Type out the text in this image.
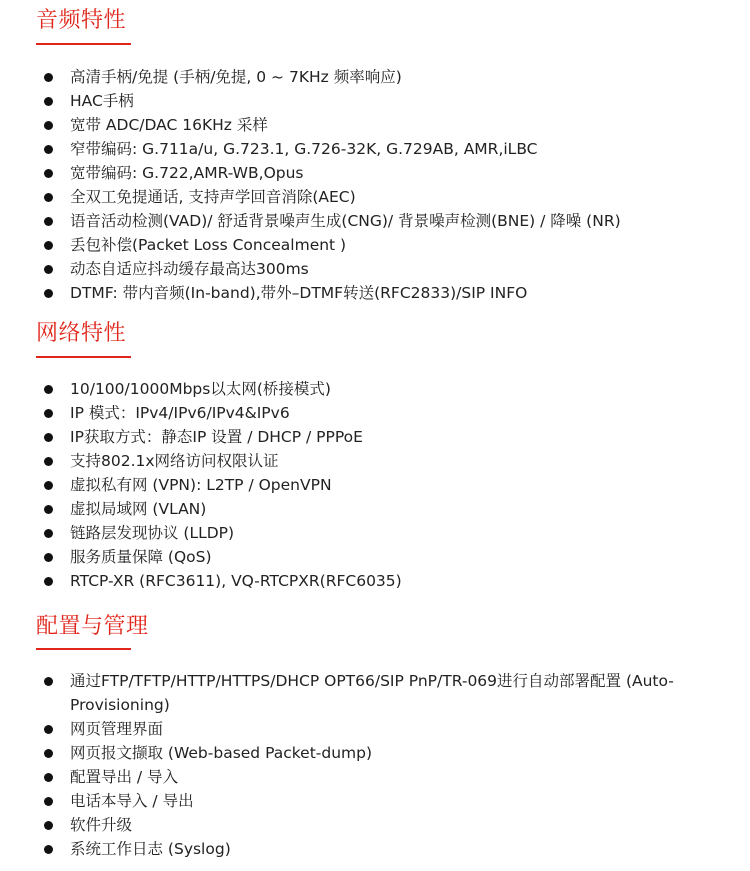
音频特性
高清手柄/免提 (手柄/免提, 0 ~ 7KHz 频率响应)
HAC手柄
宽带 ADC/DAC 16KHz 采样
窄带编码: G.711a/u, G.723.1, G.726-32K, G.729AB, AMR,iLBC
宽带编码: G.722,AMR-WB,Opus
全双工免提通话, 支持声学回音消除(AEC)
语音活动检测(VAD)/ 舒适背景噪声生成(CNG)/ 背景噪声检测(BNE) / 降噪 (NR)
丢包补偿(Packet Loss Concealment )
动态自适应抖动缓存最高达300ms
DTMF: 带内音频(In-band),带外–DTMF转送(RFC2833)/SIP INFO
网络特性
10/100/1000Mbps以太网(桥接模式)
IP 模式：IPv4/IPv6/IPv4&IPv6
IP获取方式：静态IP 设置 / DHCP / PPPoE
支持802.1x网络访问权限认证
虚拟私有网 (VPN): L2TP / OpenVPN
虚拟局域网 (VLAN)
链路层发现协议 (LLDP)
服务质量保障 (QoS)
RTCP-XR (RFC3611), VQ-RTCPXR(RFC6035)
配置与管理
通过FTP/TFTP/HTTP/HTTPS/DHCP OPT66/SIP PnP/TR-069进行自动部署配置 (Auto-Provisioning)
网页管理界面
网页报文撷取 (Web-based Packet-dump)
配置导出 / 导入
电话本导入 / 导出
软件升级
系统工作日志 (Syslog)
